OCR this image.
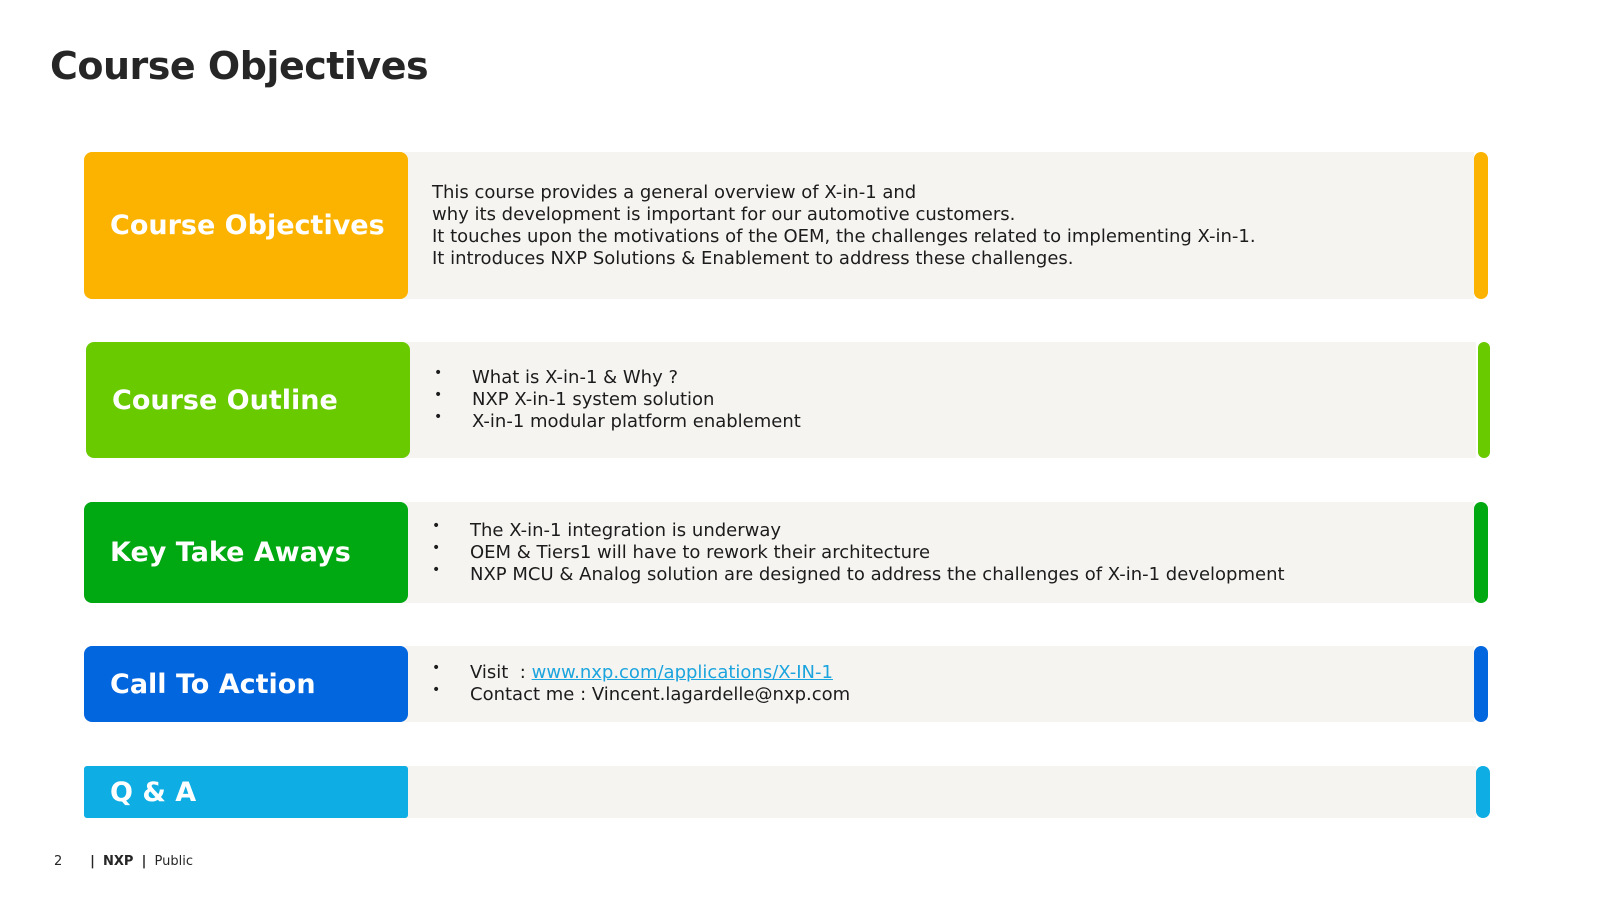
Course Objectives
Course Objectives
This course provides a general overview of X-in-1 and
why its development is important for our automotive customers.
It touches upon the motivations of the OEM, the challenges related to implementing X-in-1.
It introduces NXP Solutions & Enablement to address these challenges.
Course Outline
• What is X-in-1 & Why ?
• NXP X-in-1 system solution
• X-in-1 modular platform enablement
Key Take Aways
• The X-in-1 integration is underway
• OEM & Tiers1 will have to rework their architecture
• NXP MCU & Analog solution are designed to address the challenges of X-in-1 development
Call To Action
•	Visit  : www.nxp.com/applications/X-IN-1
• Contact me : Vincent.lagardelle@nxp.com
Q & A
2 | NXP | Public
